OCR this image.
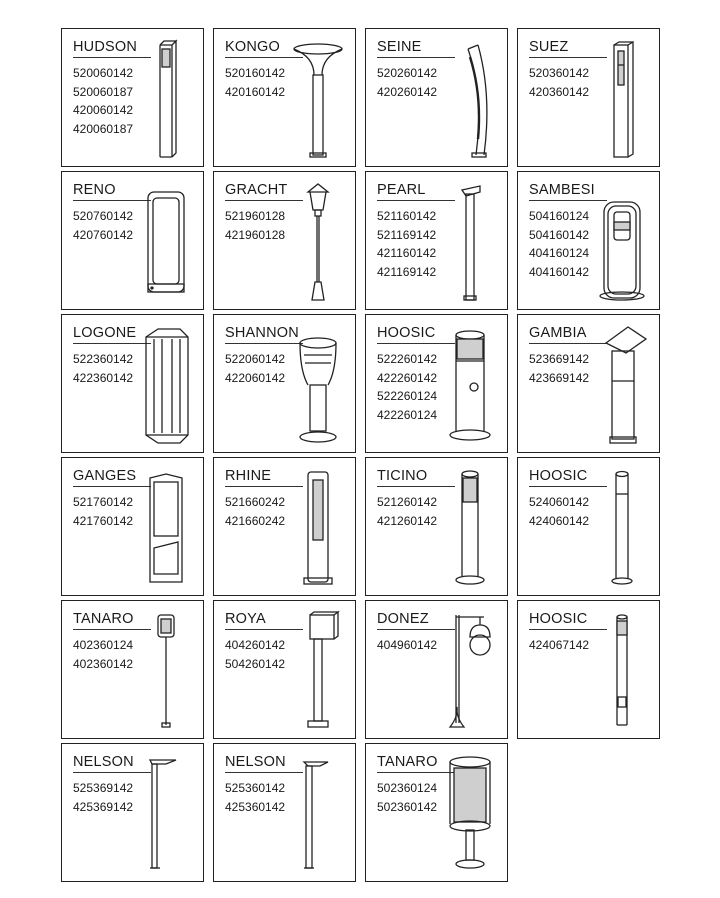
HUDSON
520060142
520060187
420060142
420060187
KONGO
520160142
420160142
SEINE
520260142
420260142
SUEZ
520360142
420360142
RENO
520760142
420760142
GRACHT
521960128
421960128
PEARL
521160142
521169142
421160142
421169142
SAMBESI
504160124
504160142
404160124
404160142
LOGONE
522360142
422360142
SHANNON
522060142
422060142
HOOSIC
522260142
422260142
522260124
422260124
GAMBIA
523669142
423669142
GANGES
521760142
421760142
RHINE
521660242
421660242
TICINO
521260142
421260142
HOOSIC
524060142
424060142
TANARO
402360124
402360142
ROYA
404260142
504260142
DONEZ
404960142
HOOSIC
424067142
NELSON
525369142
425369142
NELSON
525360142
425360142
TANARO
502360124
502360142
